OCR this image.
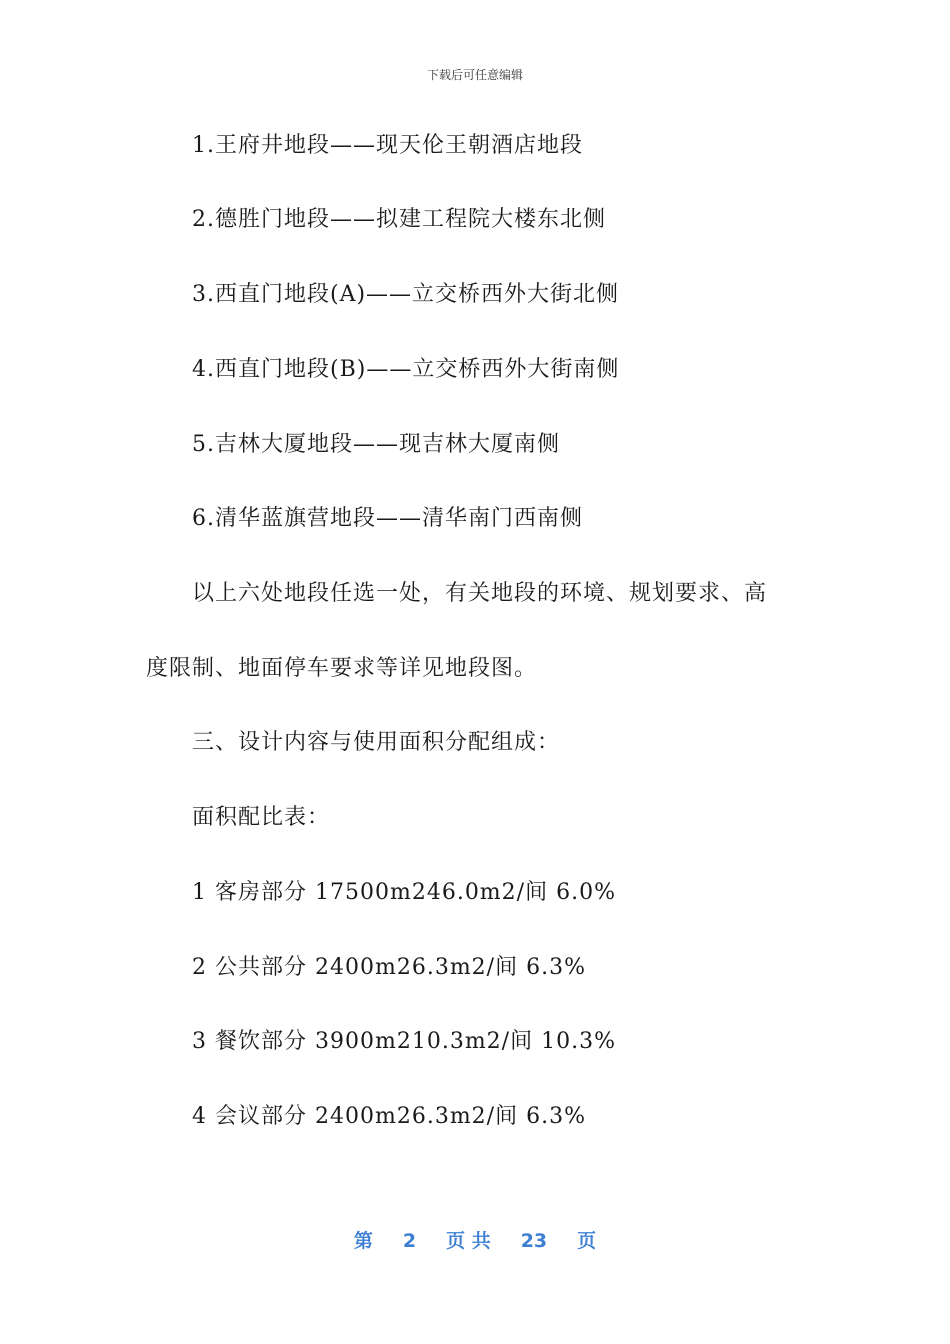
下载后可任意编辑
1.王府井地段——现天伦王朝酒店地段
2.德胜门地段——拟建工程院大楼东北侧
3.西直门地段(A)——立交桥西外大街北侧
4.西直门地段(B)——立交桥西外大街南侧
5.吉林大厦地段——现吉林大厦南侧
6.清华蓝旗营地段——清华南门西南侧
以上六处地段任选一处，有关地段的环境、规划要求、高
度限制、地面停车要求等详见地段图。
三、设计内容与使用面积分配组成：
面积配比表：
1 客房部分 17500m246.0m2/间 6.0%
2 公共部分 2400m26.3m2/间 6.3%
3 餐饮部分 3900m210.3m2/间 10.3%
4 会议部分 2400m26.3m2/间 6.3%
第 2 页 共 23 页
